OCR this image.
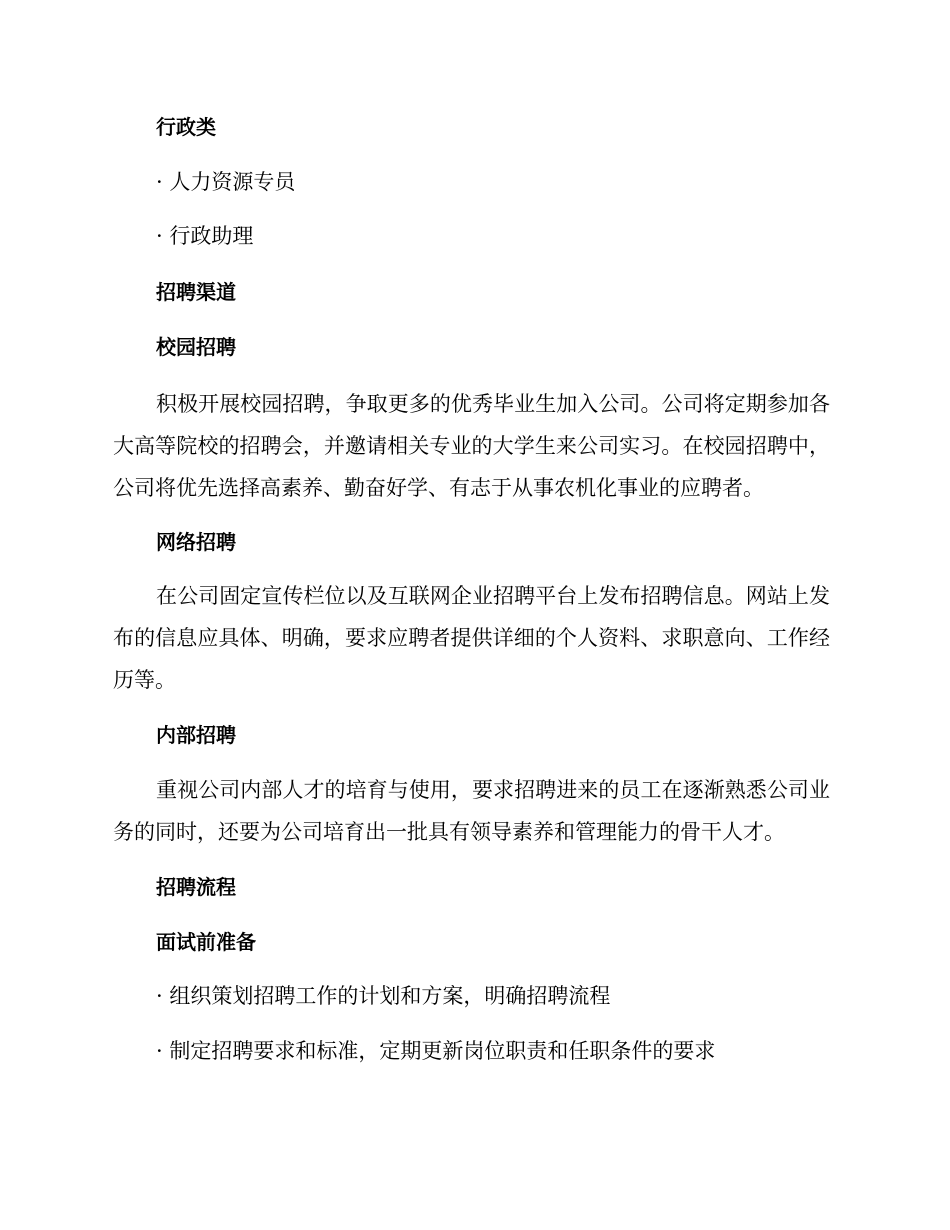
行政类
· 人力资源专员
· 行政助理
招聘渠道
校园招聘

积极开展校园招聘，争取更多的优秀毕业生加入公司。公司将定期参加各大高等院校的招聘会，并邀请相关专业的大学生来公司实习。在校园招聘中，公司将优先选择高素养、勤奋好学、有志于从事农机化事业的应聘者。

网络招聘

在公司固定宣传栏位以及互联网企业招聘平台上发布招聘信息。网站上发布的信息应具体、明确，要求应聘者提供详细的个人资料、求职意向、工作经历等。

内部招聘

重视公司内部人才的培育与使用，要求招聘进来的员工在逐渐熟悉公司业务的同时，还要为公司培育出一批具有领导素养和管理能力的骨干人才。

招聘流程
面试前准备
· 组织策划招聘工作的计划和方案，明确招聘流程
· 制定招聘要求和标准，定期更新岗位职责和任职条件的要求
